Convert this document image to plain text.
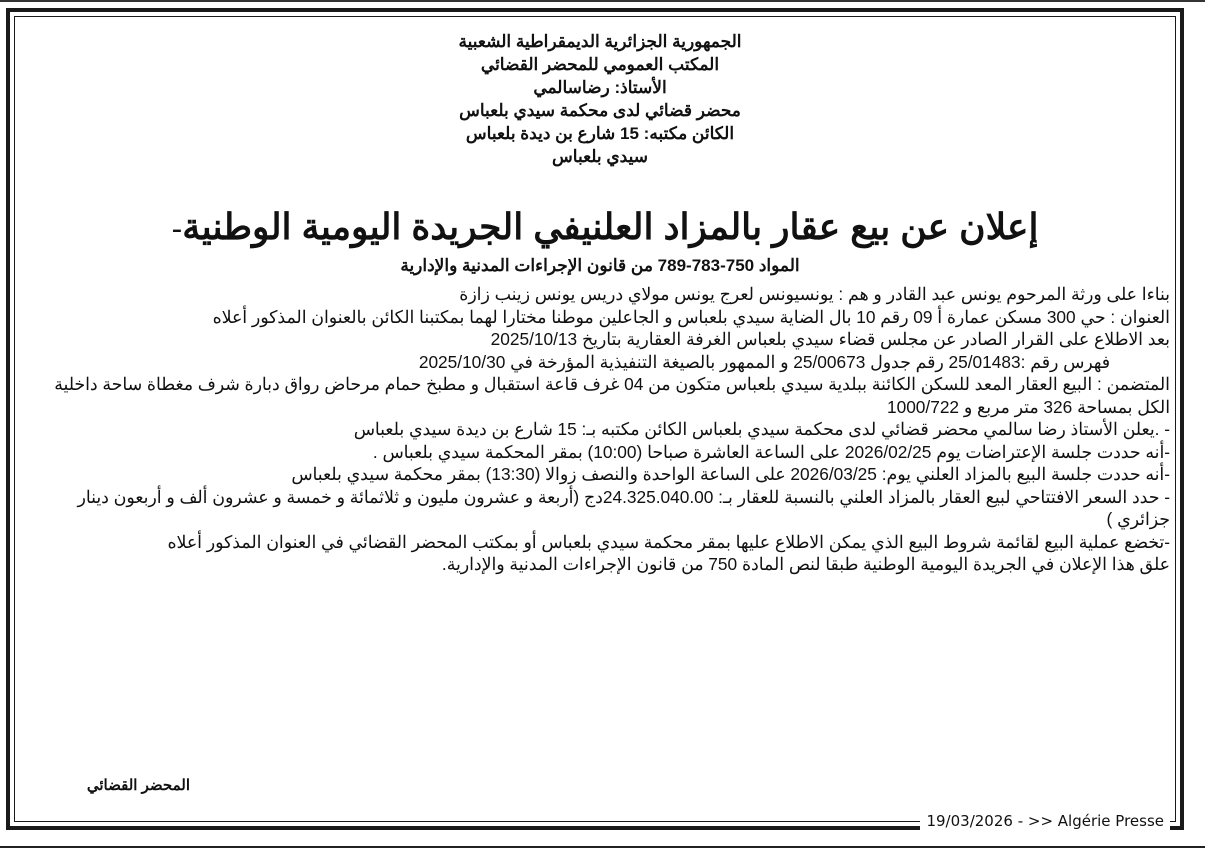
الجمهورية الجزائرية الديمقراطية الشعبية
المكتب العمومي للمحضر القضائي
الأستاذ: رضاسالمي
محضر قضائي لدى محكمة سيدي بلعباس
الكائن مكتبه: 15 شارع بن ديدة بلعباس
سيدي بلعباس
إعلان عن بيع عقار بالمزاد العلنيفي الجريدة اليومية الوطنية-
المواد 750-783-789 من قانون الإجراءات المدنية والإدارية

بناءا على ورثة المرحوم يونس عبد القادر و هم : يونسيونس لعرج يونس مولاي دريس يونس زينب زازة

العنوان : حي 300 مسكن عمارة أ 09 رقم 10 بال الضاية سيدي بلعباس و الجاعلين موطنا مختارا لهما بمكتبنا الكائن بالعنوان المذكور أعلاه

بعد الاطلاع على القرار الصادر عن مجلس قضاء سيدي بلعباس الغرفة العقارية بتاريخ 2025/10/13

فهرس رقم :25/01483 رقم جدول 25/00673 و الممهور بالصيغة التنفيذية المؤرخة في 2025/10/30

المتضمن : البيع العقار المعد للسكن الكائنة ببلدية سيدي بلعباس متكون من 04 غرف قاعة استقبال و مطبخ حمام مرحاض رواق دبارة شرف مغطاة ساحة داخلية الكل بمساحة 326 متر مربع و 1000/722

- .يعلن الأستاذ رضا سالمي محضر قضائي لدى محكمة سيدي بلعباس الكائن مكتبه بـ: 15 شارع بن ديدة سيدي بلعباس

-أنه حددت جلسة الإعتراضات يوم 2026/02/25 على الساعة العاشرة صباحا (10:00) بمقر المحكمة سيدي بلعباس .

-أنه حددت جلسة البيع بالمزاد العلني يوم: 2026/03/25 على الساعة الواحدة والنصف زوالا (13:30) بمقر محكمة سيدي بلعباس

- حدد السعر الافتتاحي لبيع العقار بالمزاد العلني بالنسبة للعقار بـ: 24.325.040.00دج (أربعة و عشرون مليون و ثلاثمائة و خمسة و عشرون ألف و أربعون دينار جزائري )

-تخضع عملية البيع لقائمة شروط البيع الذي يمكن الاطلاع عليها بمقر محكمة سيدي بلعباس أو بمكتب المحضر القضائي في العنوان المذكور أعلاه

علق هذا الإعلان في الجريدة اليومية الوطنية طبقا لنص المادة 750 من قانون الإجراءات المدنية والإدارية.

المحضر القضائي
19/03/2026 - >> Algérie Presse
